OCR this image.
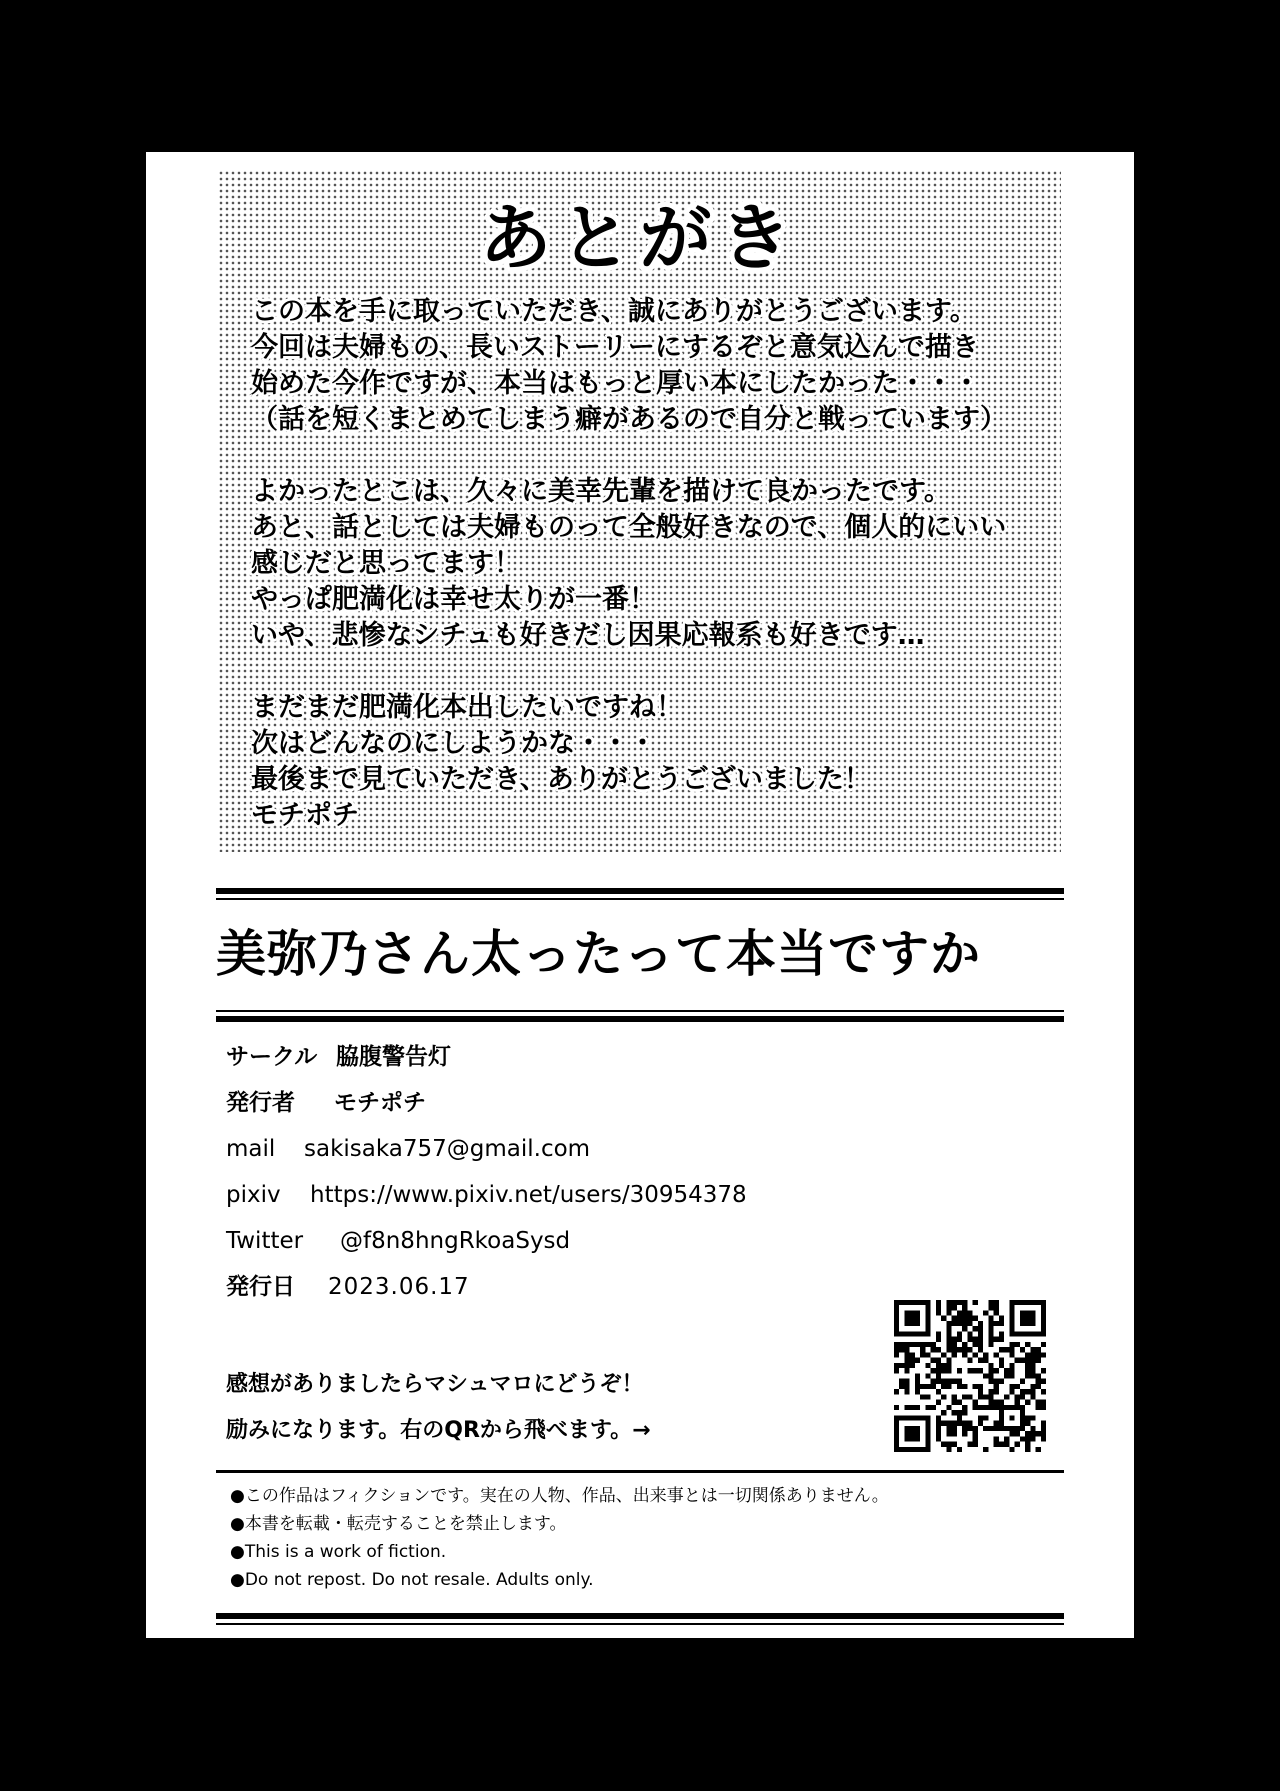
あとがき
この本を手に取っていただき、誠にありがとうございます。
今回は夫婦もの、長いストーリーにするぞと意気込んで描き
始めた今作ですが、本当はもっと厚い本にしたかった・・・
（話を短くまとめてしまう癖があるので自分と戦っています）
よかったとこは、久々に美幸先輩を描けて良かったです。
あと、話としては夫婦ものって全般好きなので、個人的にいい
感じだと思ってます！
やっぱ肥満化は幸せ太りが一番！
いや、悲惨なシチュも好きだし因果応報系も好きです…
まだまだ肥満化本出したいですね！
次はどんなのにしようかな・・・
最後まで見ていただき、ありがとうございました！
モチポチ
美弥乃さん太ったって本当ですか
サークル 脇腹警告灯
発行者 モチポチ
mail sakisaka757@gmail.com
pixiv https://www.pixiv.net/users/30954378
Twitter @f8n8hngRkoaSysd
発行日 2023.06.17
感想がありましたらマシュマロにどうぞ！
励みになります。右のQRから飛べます。→
●この作品はフィクションです。実在の人物、作品、出来事とは一切関係ありません。
●本書を転載・転売することを禁止します。
●This is a work of fiction.
●Do not repost. Do not resale. Adults only.
